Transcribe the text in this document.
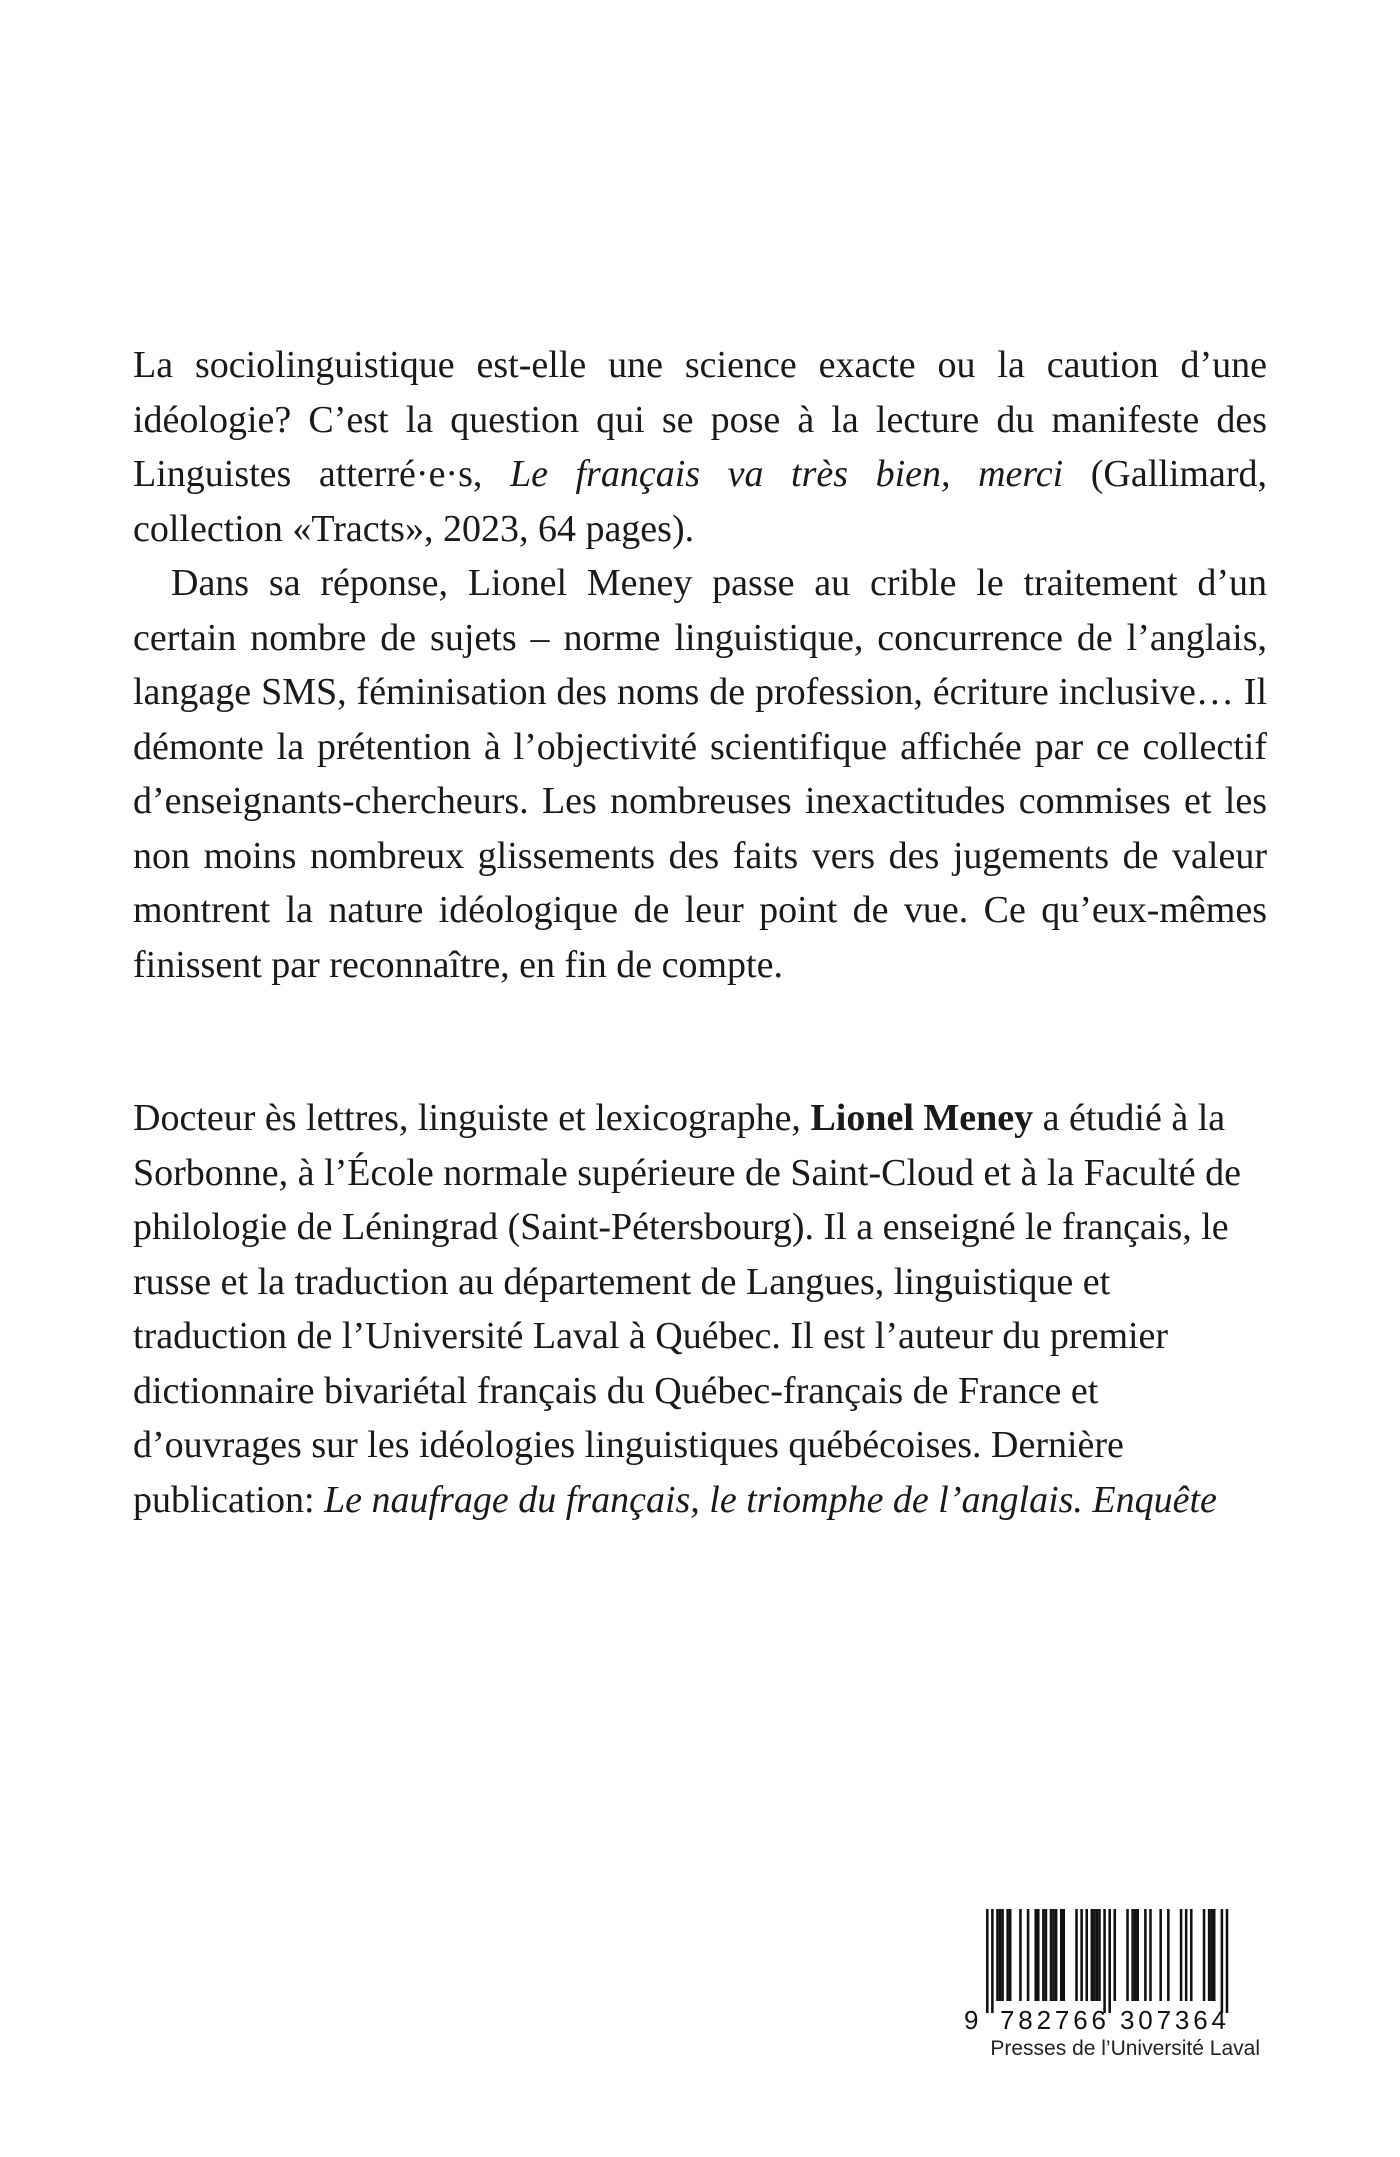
La sociolinguistique est-elle une science exacte ou la caution d’une idéologie? C’est la question qui se pose à la lecture du manifeste des Linguistes atterré·e·s, Le français va très bien, merci (Gallimard, collection «Tracts», 2023, 64 pages).

Dans sa réponse, Lionel Meney passe au crible le traitement d’un certain nombre de sujets – norme linguistique, concurrence de l’anglais, langage SMS, féminisation des noms de profession, écriture inclusive… Il démonte la prétention à l’objectivité scientifique affichée par ce collectif d’enseignants-chercheurs. Les nombreuses inexactitudes commises et les non moins nombreux glissements des faits vers des jugements de valeur montrent la nature idéologique de leur point de vue. Ce qu’eux-mêmes finissent par reconnaître, en fin de compte.

Docteur ès lettres, linguiste et lexicographe, Lionel Meney a étudié à la Sorbonne, à l’École normale supérieure de Saint-Cloud et à la Faculté de philologie de Léningrad (Saint-Pétersbourg). Il a enseigné le français, le russe et la traduction au département de Langues, linguistique et traduction de l’Université Laval à Québec. Il est l’auteur du premier dictionnaire bivariétal français du Québec-français de France et d’ouvrages sur les idéologies linguistiques québécoises. Dernière publication: Le naufrage du français, le triomphe de l’anglais. Enquête

9 782766 307364
Presses de l’Université Laval
